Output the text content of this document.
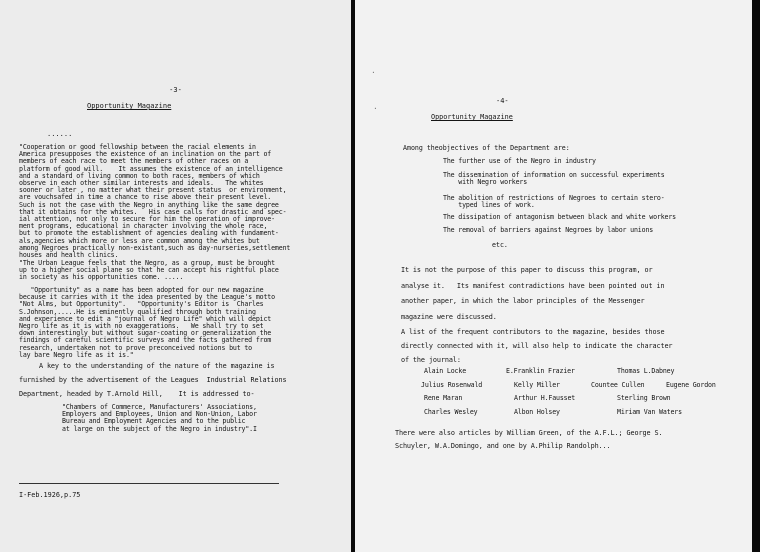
-3-
Opportunity Magazine
......
"Cooperation or good fellowship between the racial elements in
America presupposes the existence of an inclination on the part of
members of each race to meet the members of other races on a
platform of good will.    It assumes the existence of an intelligence
and a standard of living common to both races, members of which
observe in each other similar interests and ideals.   The whites
sooner or later , no matter what their present status  or environment,
are vouchsafed in time a chance to rise above their present level.
Such is not the case with the Negro in anything like the same degree
that it obtains for the whites.   His case calls for drastic and spec-
ial attention, not only to secure for him the operation of improve-
ment programs, educational in character involving the whole race,
but to promote the establishment of agencies dealing with fundament-
als,agencies which more or less are common among the whites but
among Negroes practically non-existant,such as day-nurseries,settlement
houses and health clinics.
"The Urban League feels that the Negro, as a group, must be brought
up to a higher social plane so that he can accept his rightful place
in society as his opportunities come. .....
"Opportunity" as a name has been adopted for our new magazine
because it carries with it the idea presented by the League's motto
"Not Alms, but Opportunity".   "Opportunity's Editor is  Charles
S.Johnson,.....He is eminently qualified through both training
and experience to edit a "journal of Negro Life" which will depict
Negro life as it is with no exaggerations.   We shall try to set
down interestingly but without sugar-coating or generalization the
findings of careful scientific surveys and the facts gathered from
research, undertaken not to prove preconceived notions but to
lay bare Negro life as it is."
A key to the understanding of the nature of the magazine is
furnished by the advertisement of the Leagues  Industrial Relations
Department, headed by T.Arnold Hill,    It is addressed to-
"Chambers of Commerce, Manufacturers' Associations,
Employers and Employees, Union and Non-Union, Labor
Bureau and Employment Agencies and to the public
at large on the subject of the Negro in industry".I
I-Feb.1926,p.75
·
·
-4-
Opportunity Magazine
Among theobjectives of the Department are:
The further use of the Negro in industry
The dissemination of information on successful experiments
with Negro workers
The abolition of restrictions of Negroes to certain stero-
typed lines of work.
The dissipation of antagonism between black and white workers
The removal of barriers against Negroes by labor unions
etc.
It is not the purpose of this paper to discuss this program, or
analyse it.   Its manifest contradictions have been pointed out in
another paper, in which the labor principles of the Messenger
magazine were discussed.
A list of the frequent contributors to the magazine, besides those
directly connected with it, will also help to indicate the character
of the journal:
Alain Locke	E.Franklin Frazier	Thomas L.Dabney
Julius Rosenwald	Kelly Miller	Countee Cullen	Eugene Gordon
Rene Maran	Arthur H.Fausset	Sterling Brown
Charles Wesley	Albon Holsey	Miriam Van Waters
There were also articles by William Green, of the A.F.L.; George S.
Schuyler, W.A.Domingo, and one by A.Philip Randolph...
